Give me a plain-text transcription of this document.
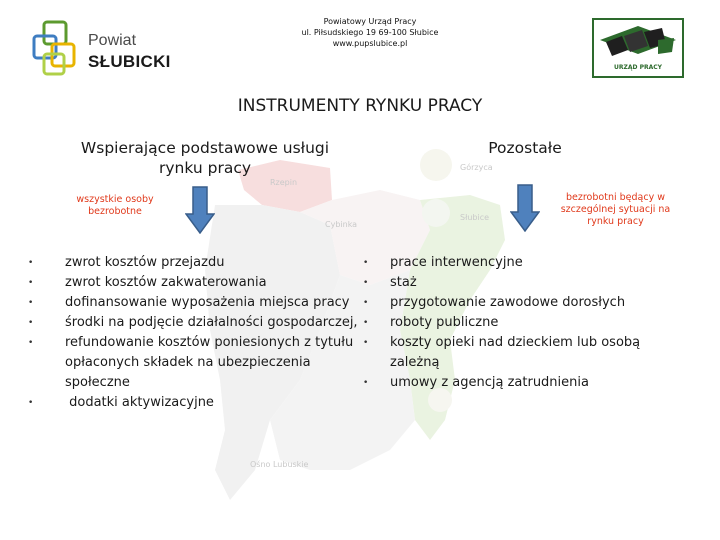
Górzyca
Rzepin
Cybinka
Słubice
Powiat
SŁUBICKI
Powiatowy Urząd Pracy
ul. Piłsudskiego 19 69-100 Słubice
www.pupslubice.pl
URZĄD PRACY
INSTRUMENTY RYNKU PRACY
Wspierające podstawowe usługi rynku pracy
Pozostałe
wszystkie osoby bezrobotne
bezrobotni będący w szczególnej sytuacji na rynku pracy
• zwrot kosztów przejazdu
• zwrot kosztów zakwaterowania
• dofinansowanie wyposażenia miejsca pracy
• środki na podjęcie działalności gospodarczej,
• refundowanie kosztów poniesionych z tytułu opłaconych składek na ubezpieczenia społeczne
• dodatki aktywizacyjne
• prace interwencyjne
• staż
• przygotowanie zawodowe dorosłych
• roboty publiczne
• koszty opieki nad dzieckiem lub osobą zależną
• umowy z agencją zatrudnienia
Ośno Lubuskie
